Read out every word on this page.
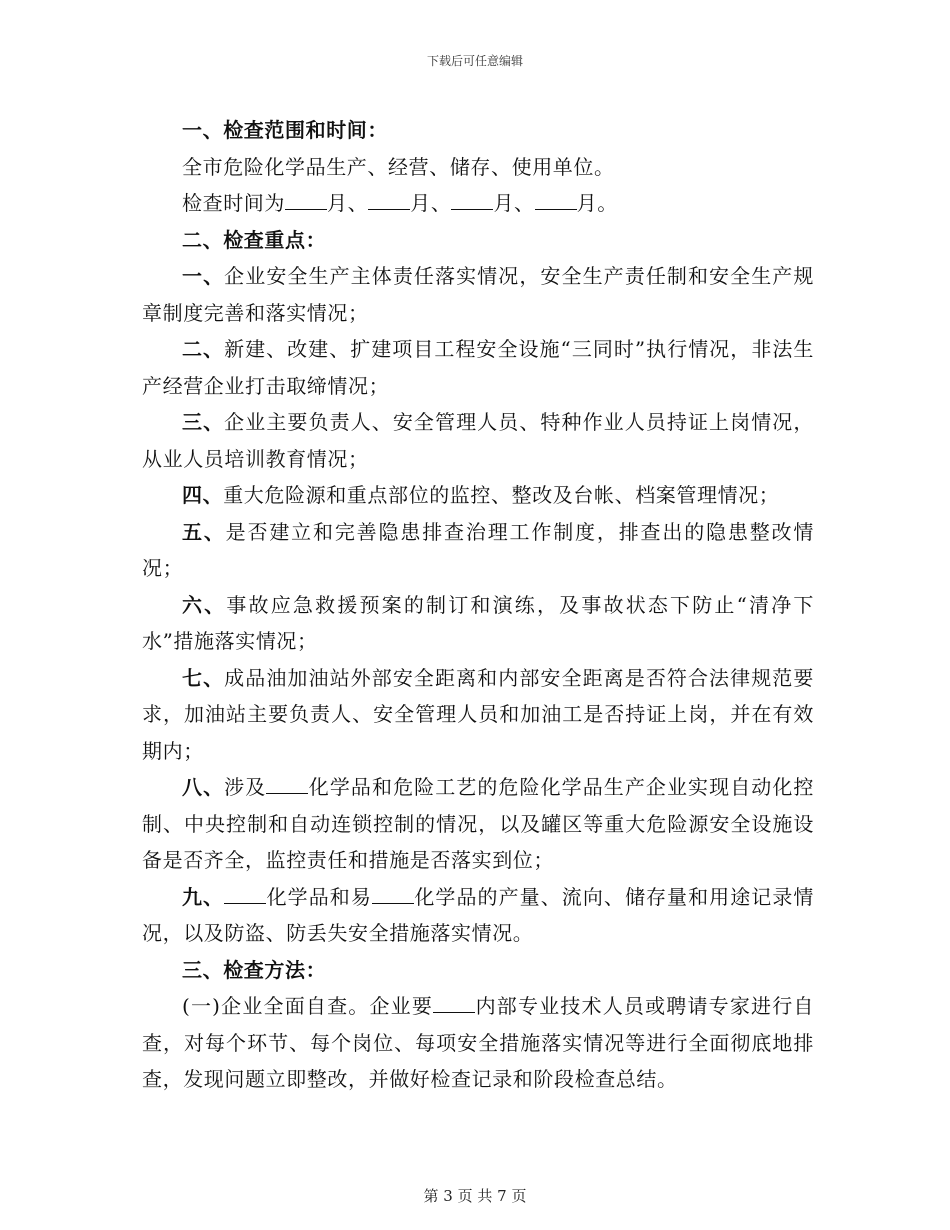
下载后可任意编辑

一、检查范围和时间：

全市危险化学品生产、经营、储存、使用单位。

检查时间为 月、 月、 月、 月。

二、检查重点：

一、企业安全生产主体责任落实情况，安全生产责任制和安全生产规章制度完善和落实情况；

二、新建、改建、扩建项目工程安全设施“三同时”执行情况，非法生产经营企业打击取缔情况；

三、企业主要负责人、安全管理人员、特种作业人员持证上岗情况，从业人员培训教育情况；

四、重大危险源和重点部位的监控、整改及台帐、档案管理情况；

五、是否建立和完善隐患排查治理工作制度，排查出的隐患整改情况；

六、事故应急救援预案的制订和演练，及事故状态下防止“清净下水”措施落实情况；

七、成品油加油站外部安全距离和内部安全距离是否符合法律规范要求，加油站主要负责人、安全管理人员和加油工是否持证上岗，并在有效期内；

八、涉及 化学品和危险工艺的危险化学品生产企业实现自动化控制、中央控制和自动连锁控制的情况，以及罐区等重大危险源安全设施设备是否齐全，监控责任和措施是否落实到位；

九、 化学品和易 化学品的产量、流向、储存量和用途记录情况，以及防盗、防丢失安全措施落实情况。

三、检查方法：

(一)企业全面自查。企业要 内部专业技术人员或聘请专家进行自查，对每个环节、每个岗位、每项安全措施落实情况等进行全面彻底地排查，发现问题立即整改，并做好检查记录和阶段检查总结。

第 3 页 共 7 页
